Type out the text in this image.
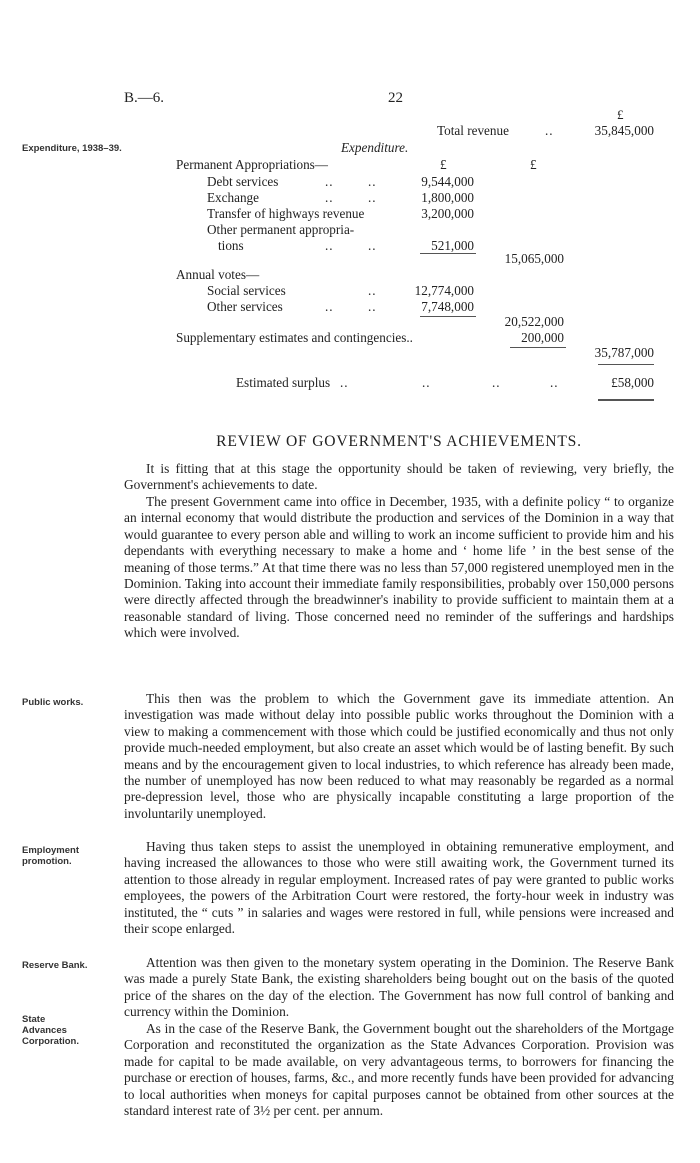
B.—6.	22
Expenditure, 1938–39.
Public works.
Employment promotion.
Reserve Bank.
State Advances Corporation.
£
Total revenue	..	35,845,000
Expenditure.
Permanent Appropriations—	£	£
Debt services	..	..	9,544,000
Exchange	..	..	1,800,000
Transfer of highways revenue	3,200,000
Other permanent appropria-
tions	..	..	521,000
15,065,000
Annual votes—
Social services	..	12,774,000
Other services	..	..	7,748,000
20,522,000
Supplementary estimates and contingencies..	200,000
35,787,000
Estimated surplus ..	..	..	..	£58,000
REVIEW OF GOVERNMENT'S ACHIEVEMENTS.

It is fitting that at this stage the opportunity should be taken of reviewing, very briefly, the Government's achievements to date.

The present Government came into office in December, 1935, with a definite policy “ to organize an internal economy that would distribute the production and services of the Dominion in a way that would guarantee to every person able and willing to work an income sufficient to provide him and his dependants with everything necessary to make a home and ‘ home life ’ in the best sense of the meaning of those terms.” At that time there was no less than 57,000 registered unemployed men in the Dominion. Taking into account their immediate family responsibilities, probably over 150,000 persons were directly affected through the breadwinner's inability to provide sufficient to maintain them at a reasonable standard of living. Those concerned need no reminder of the sufferings and hardships which were involved.

This then was the problem to which the Government gave its immediate attention. An investigation was made without delay into possible public works throughout the Dominion with a view to making a commencement with those which could be justified economically and thus not only provide much-needed employment, but also create an asset which would be of lasting benefit. By such means and by the encouragement given to local industries, to which reference has already been made, the number of unemployed has now been reduced to what may reasonably be regarded as a normal pre-depression level, those who are physically incapable constituting a large proportion of the involuntarily unemployed.

Having thus taken steps to assist the unemployed in obtaining remunerative employment, and having increased the allowances to those who were still awaiting work, the Government turned its attention to those already in regular employment. Increased rates of pay were granted to public works employees, the powers of the Arbitration Court were restored, the forty-hour week in industry was instituted, the “ cuts ” in salaries and wages were restored in full, while pensions were increased and their scope enlarged.

Attention was then given to the monetary system operating in the Dominion. The Reserve Bank was made a purely State Bank, the existing shareholders being bought out on the basis of the quoted price of the shares on the day of the election. The Government has now full control of banking and currency within the Dominion.

As in the case of the Reserve Bank, the Government bought out the shareholders of the Mortgage Corporation and reconstituted the organization as the State Advances Corporation. Provision was made for capital to be made available, on very advantageous terms, to borrowers for financing the purchase or erection of houses, farms, &c., and more recently funds have been provided for advancing to local authorities when moneys for capital purposes cannot be obtained from other sources at the standard interest rate of 3½ per cent. per annum.
